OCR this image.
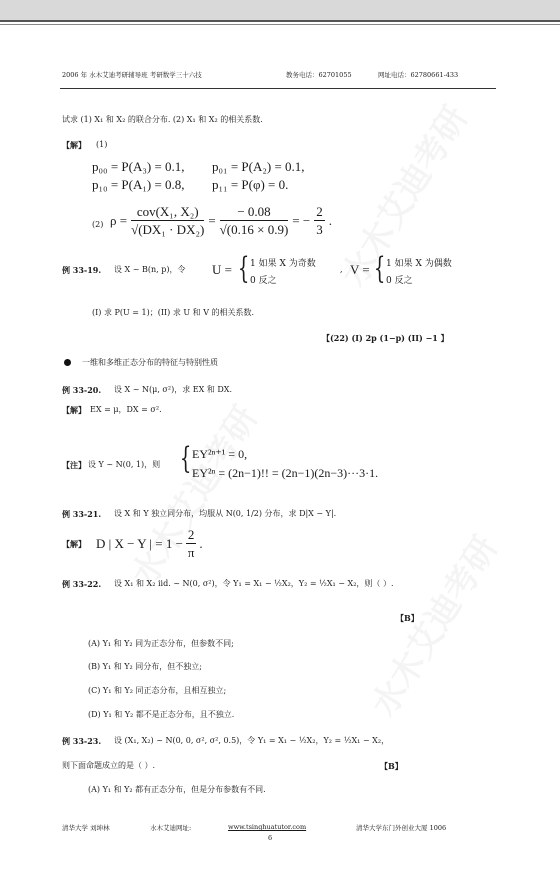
2006 年 水木艾迪考研辅导班 考研数学三十六技	教务电话：62701055	网址电话：62780661-433
试求 (1) X₁ 和 X₂ 的联合分布. (2) X₁ 和 X₂ 的相关系数.
【解】 (1)
p₀₀ = P(A₃) = 0.1, p₀₁ = P(A₂) = 0.1,
p₁₀ = P(A₁) = 0.8, p₁₁ = P(φ) = 0.
(2) $\rho = \frac{\text{cov(X₁, X₂)}}{\text{√(DX₁ · DX₂)}} = \frac{- 0.08}{√(0.16 \times 0.9)}$ = − $\frac{2}{3}$ .
例 33-19. 设 X ~ B(n, p)，令 U = { 1 如果 X 为奇数
0 反之
, V = { 1 如果 X 为偶数
0 反之
(I) 求 P(U = 1)；(II) 求 U 和 V 的相关系数.
【(22) (I) 2p (1−p) (II) −1 】
一维和多维正态分布的特征与特别性质
例 33-20. 设 X ~ N(μ, σ²)，求 EX 和 DX.
【解】 EX = μ，DX = σ².
【注】 设 Y ~ N(0, 1)，则 { EY²ⁿ⁺¹ = 0,
EY²ⁿ = (2n−1)!! = (2n−1)(2n−3)···3·1.
例 33-21. 设 X 和 Y 独立同分布，均服从 N(0, 1/2) 分布，求 D|X − Y|.
【解】 D | X − Y | = $1 - \frac{2}{\pi}$ .
例 33-22. 设 X₁ 和 X₂ iid. ~ N(0, σ²)，令 Y₁ = X₁ − ½X₂，Y₂ = ½X₁ − X₂，则（ ）.
【B】
(A) Y₁ 和 Y₂ 同为正态分布，但参数不同;
(B) Y₁ 和 Y₂ 同分布，但不独立;
(C) Y₁ 和 Y₂ 同正态分布，且相互独立;
(D) Y₁ 和 Y₂ 都不是正态分布，且不独立.
例 33-23. 设 (X₁, X₂) ~ N(0, 0, σ², σ², 0.5)，令 Y₁ = X₁ − ½X₂，Y₂ = ½X₁ − X₂，
则下面命题成立的是（ ）.	【B】
(A) Y₁ 和 Y₂ 都有正态分布，但是分布参数有不同.
清华大学 刘坤林	水木艾迪网址:	www.tsinghuatutor.com	清华大学东门外创业大厦 1006
6
